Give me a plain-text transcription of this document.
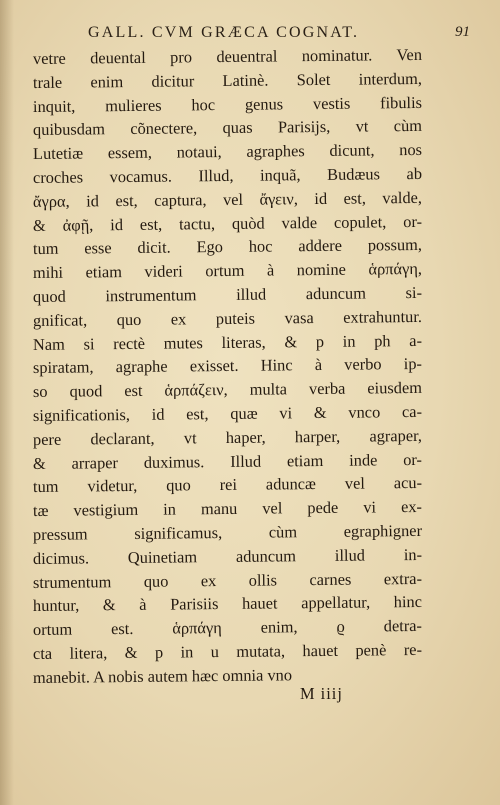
GALL. CVM GRÆCA COGNAT.	91
vetre deuental pro deuentral nominatur. Ven
trale enim dicitur Latinè. Solet interdum,
inquit, mulieres hoc genus vestis fibulis
quibusdam cõnectere, quas Parisijs, vt cùm
Lutetiæ essem, notaui, agraphes dicunt, nos
croches vocamus. Illud, inquã, Budæus ab
ἄγρα, id est, captura, vel ἄγειν, id est, valde,
& ἀφῇ, id est, tactu, quòd valde copulet, or-
tum esse dicit. Ego hoc addere possum,
mihi etiam videri ortum à nomine ἁρπάγη,
quod instrumentum illud aduncum si-
gnificat, quo ex puteis vasa extrahuntur.
Nam si rectè mutes literas, & p in ph a-
spiratam, agraphe exisset. Hinc à verbo ip-
so quod est ἁρπάζειν, multa verba eiusdem
significationis, id est, quæ vi & vnco ca-
pere declarant, vt haper, harper, agraper,
& arraper duximus. Illud etiam inde or-
tum videtur, quo rei aduncæ vel acu-
tæ vestigium in manu vel pede vi ex-
pressum significamus, cùm egraphigner
dicimus. Quinetiam aduncum illud in-
strumentum quo ex ollis carnes extra-
huntur, & à Parisiis hauet appellatur, hinc
ortum est. ἁρπάγη enim, ϱ detra-
cta litera, & p in u mutata, hauet penè re-
manebit. A nobis autem hæc omnia vno
M iiij
